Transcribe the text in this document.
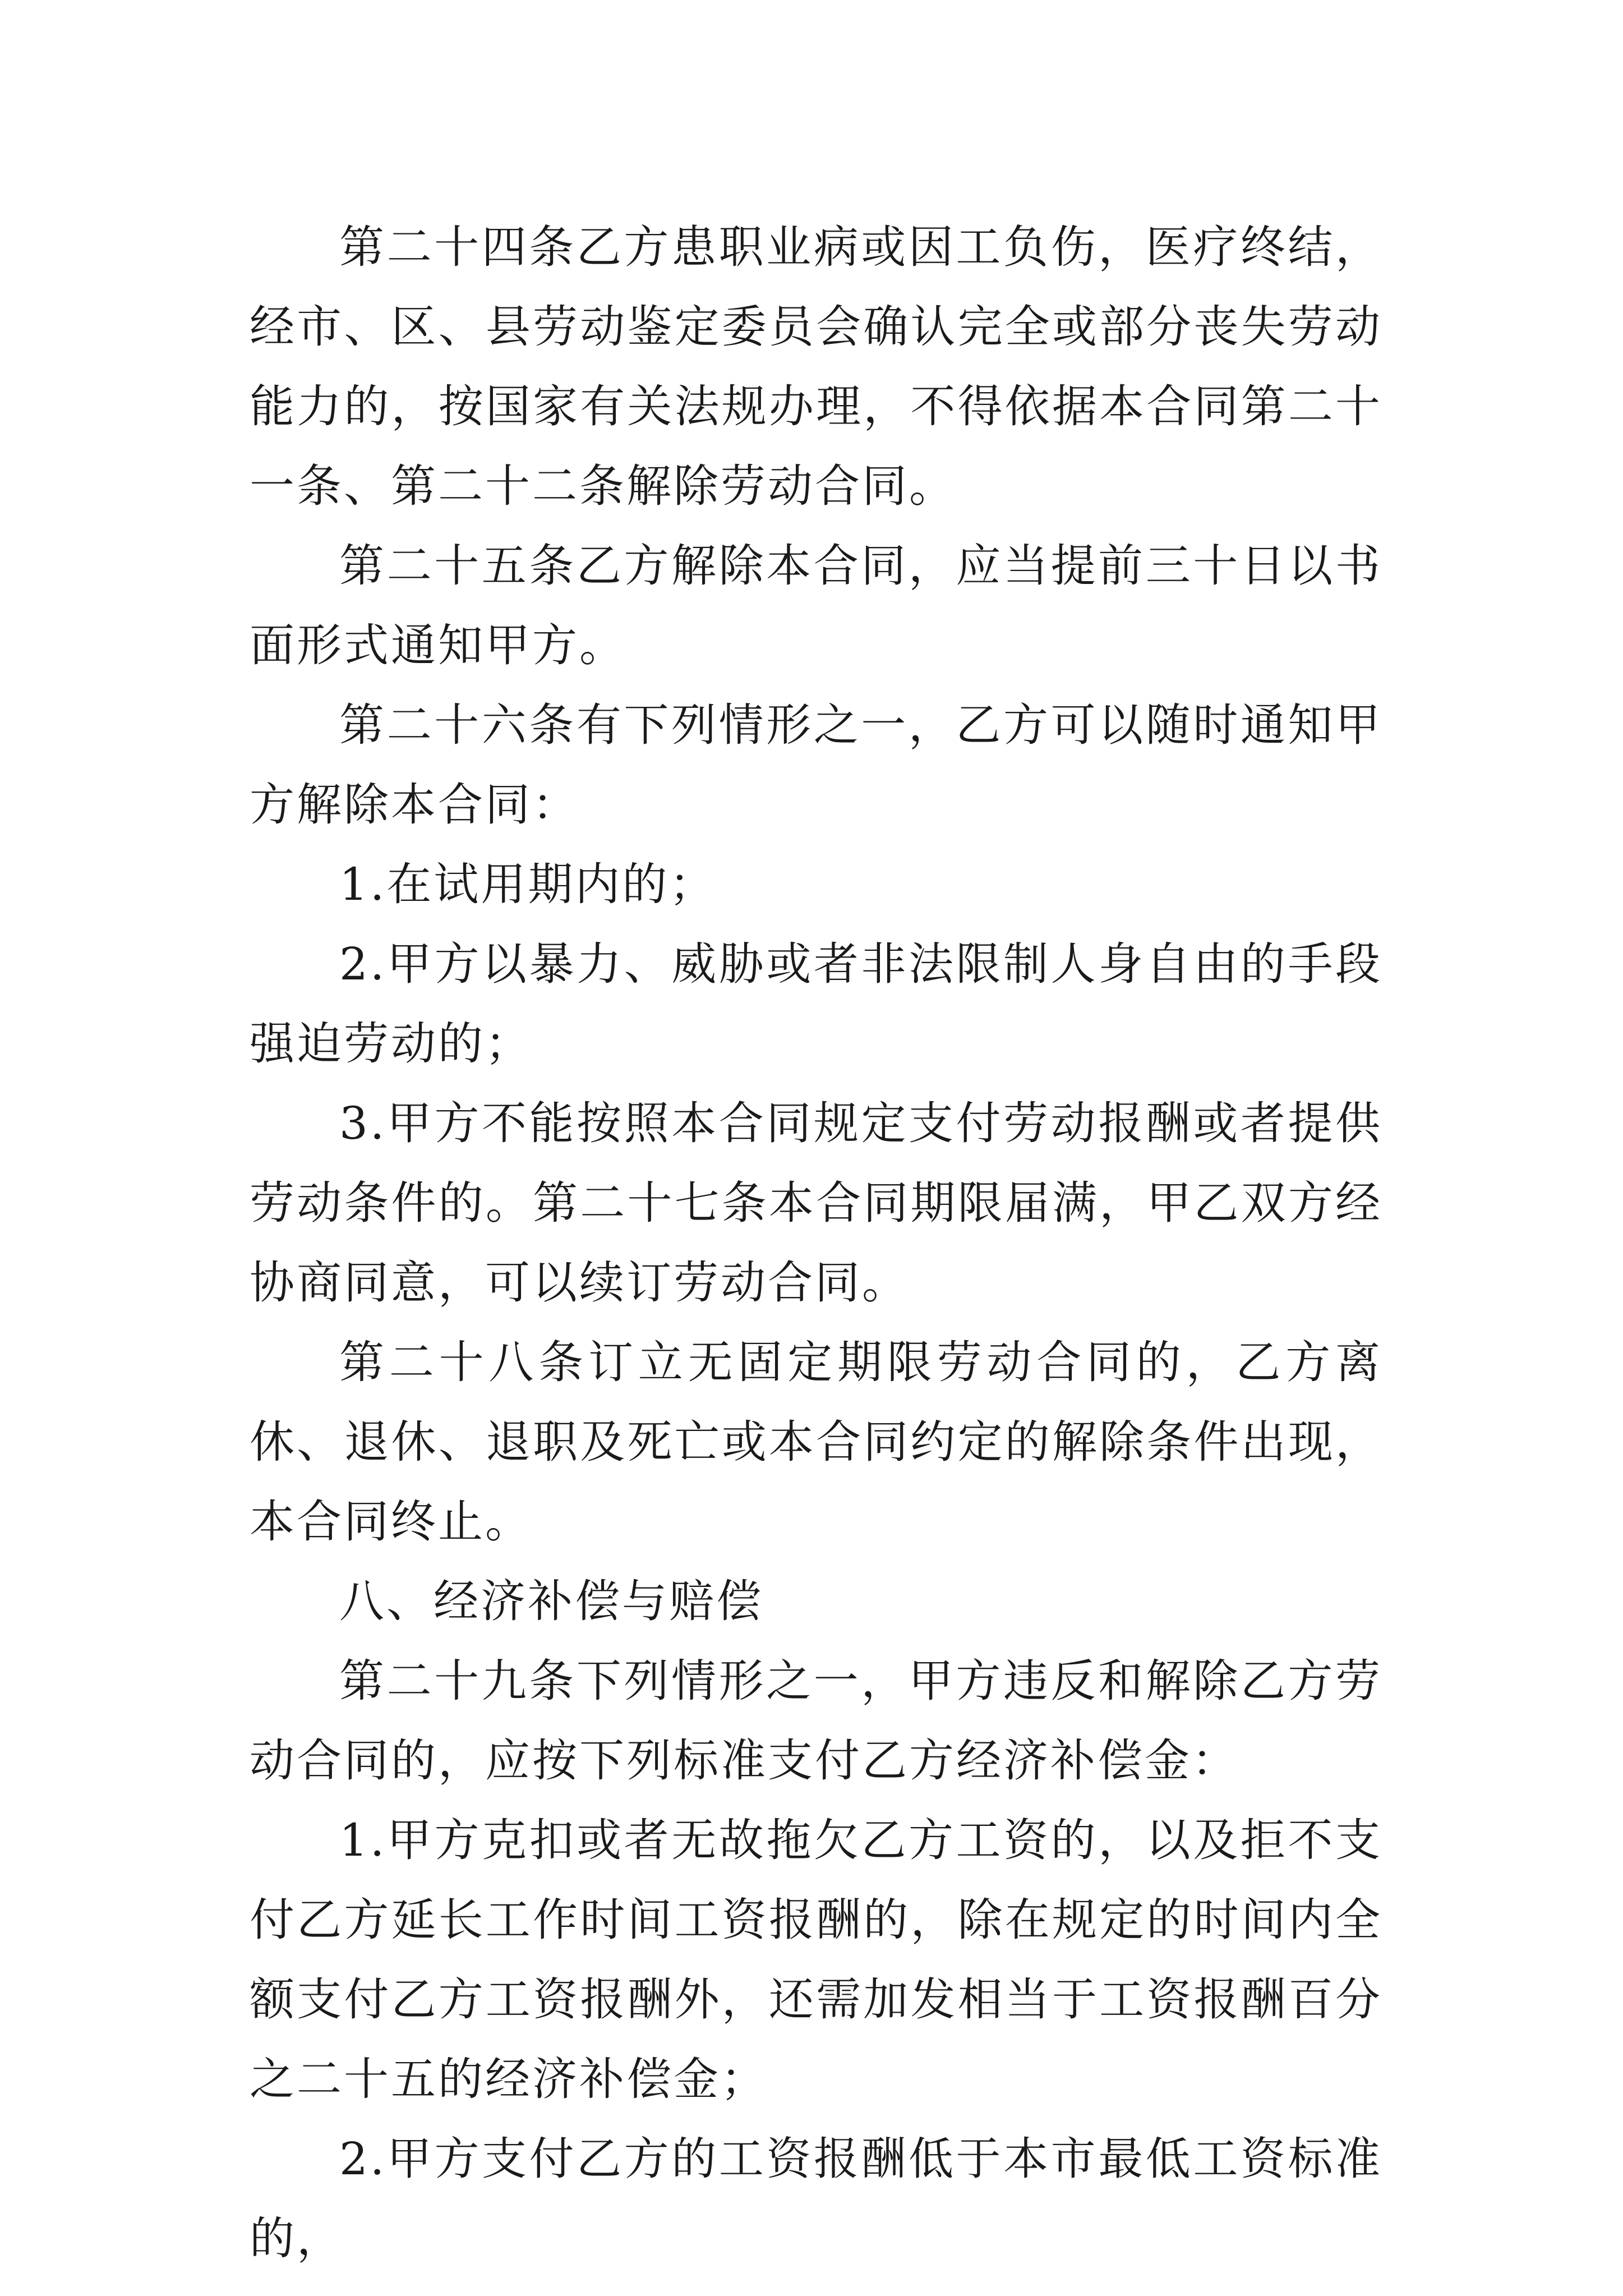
第二十四条乙方患职业病或因工负伤，医疗终结，经市、区、县劳动鉴定委员会确认完全或部分丧失劳动能力的，按国家有关法规办理，不得依据本合同第二十一条、第二十二条解除劳动合同。

第二十五条乙方解除本合同，应当提前三十日以书面形式通知甲方。

第二十六条有下列情形之一，乙方可以随时通知甲方解除本合同：

1.在试用期内的；

2.甲方以暴力、威胁或者非法限制人身自由的手段强迫劳动的；

3.甲方不能按照本合同规定支付劳动报酬或者提供劳动条件的。第二十七条本合同期限届满，甲乙双方经协商同意，可以续订劳动合同。

第二十八条订立无固定期限劳动合同的，乙方离休、退休、退职及死亡或本合同约定的解除条件出现，本合同终止。

八、经济补偿与赔偿

第二十九条下列情形之一，甲方违反和解除乙方劳动合同的，应按下列标准支付乙方经济补偿金：

1.甲方克扣或者无故拖欠乙方工资的，以及拒不支付乙方延长工作时间工资报酬的，除在规定的时间内全额支付乙方工资报酬外，还需加发相当于工资报酬百分之二十五的经济补偿金；

2.甲方支付乙方的工资报酬低于本市最低工资标准的，
